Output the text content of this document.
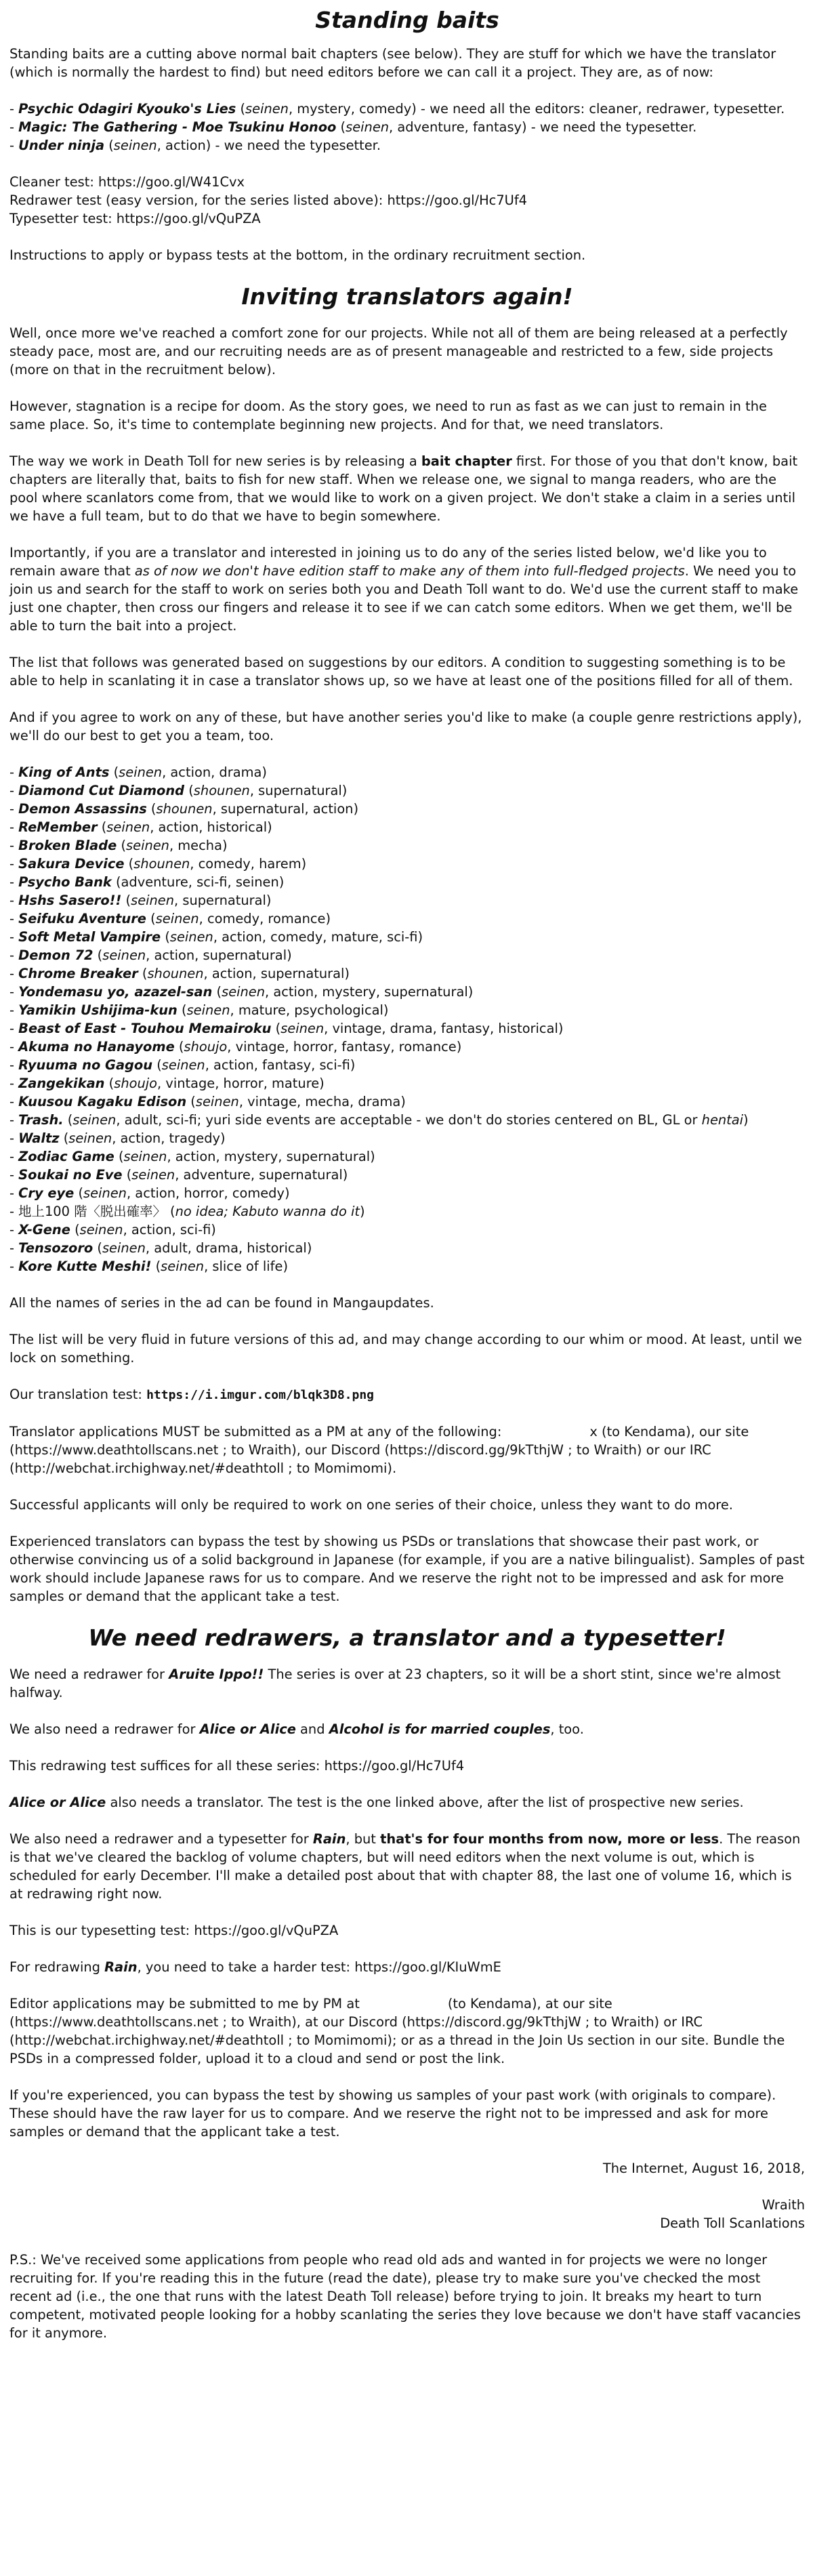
Standing baits

Standing baits are a cutting above normal bait chapters (see below). They are stuff for which we have the translator (which is normally the hardest to find) but need editors before we can call it a project. They are, as of now:

- Psychic Odagiri Kyouko's Lies (seinen, mystery, comedy) - we need all the editors: cleaner, redrawer, typesetter.
- Magic: The Gathering - Moe Tsukinu Honoo (seinen, adventure, fantasy) - we need the typesetter.
- Under ninja (seinen, action) - we need the typesetter.
Cleaner test: https://goo.gl/W41Cvx
Redrawer test (easy version, for the series listed above): https://goo.gl/Hc7Uf4
Typesetter test: https://goo.gl/vQuPZA

Instructions to apply or bypass tests at the bottom, in the ordinary recruitment section.

Inviting translators again!

Well, once more we've reached a comfort zone for our projects. While not all of them are being released at a perfectly steady pace, most are, and our recruiting needs are as of present manageable and restricted to a few, side projects (more on that in the recruitment below).

However, stagnation is a recipe for doom. As the story goes, we need to run as fast as we can just to remain in the same place. So, it's time to contemplate beginning new projects. And for that, we need translators.

The way we work in Death Toll for new series is by releasing a bait chapter first. For those of you that don't know, bait chapters are literally that, baits to fish for new staff. When we release one, we signal to manga readers, who are the pool where scanlators come from, that we would like to work on a given project. We don't stake a claim in a series until we have a full team, but to do that we have to begin somewhere.

Importantly, if you are a translator and interested in joining us to do any of the series listed below, we'd like you to remain aware that as of now we don't have edition staff to make any of them into full-fledged projects. We need you to join us and search for the staff to work on series both you and Death Toll want to do. We'd use the current staff to make just one chapter, then cross our fingers and release it to see if we can catch some editors. When we get them, we'll be able to turn the bait into a project.

The list that follows was generated based on suggestions by our editors. A condition to suggesting something is to be able to help in scanlating it in case a translator shows up, so we have at least one of the positions filled for all of them.

And if you agree to work on any of these, but have another series you'd like to make (a couple genre restrictions apply), we'll do our best to get you a team, too.

- King of Ants (seinen, action, drama)
- Diamond Cut Diamond (shounen, supernatural)
- Demon Assassins (shounen, supernatural, action)
- ReMember (seinen, action, historical)
- Broken Blade (seinen, mecha)
- Sakura Device (shounen, comedy, harem)
- Psycho Bank (adventure, sci-fi, seinen)
- Hshs Sasero!! (seinen, supernatural)
- Seifuku Aventure (seinen, comedy, romance)
- Soft Metal Vampire (seinen, action, comedy, mature, sci-fi)
- Demon 72 (seinen, action, supernatural)
- Chrome Breaker (shounen, action, supernatural)
- Yondemasu yo, azazel-san (seinen, action, mystery, supernatural)
- Yamikin Ushijima-kun (seinen, mature, psychological)
- Beast of East - Touhou Memairoku (seinen, vintage, drama, fantasy, historical)
- Akuma no Hanayome (shoujo, vintage, horror, fantasy, romance)
- Ryuuma no Gagou (seinen, action, fantasy, sci-fi)
- Zangekikan (shoujo, vintage, horror, mature)
- Kuusou Kagaku Edison (seinen, vintage, mecha, drama)
- Trash. (seinen, adult, sci-fi; yuri side events are acceptable - we don't do stories centered on BL, GL or hentai)
- Waltz (seinen, action, tragedy)
- Zodiac Game (seinen, action, mystery, supernatural)
- Soukai no Eve (seinen, adventure, supernatural)
- Cry eye (seinen, action, horror, comedy)
- 地上100 階〈脱出確率〉 (no idea; Kabuto wanna do it)
- X-Gene (seinen, action, sci-fi)
- Tensozoro (seinen, adult, drama, historical)
- Kore Kutte Meshi! (seinen, slice of life)

All the names of series in the ad can be found in Mangaupdates.

The list will be very fluid in future versions of this ad, and may change according to our whim or mood. At least, until we lock on something.

Our translation test: https://i.imgur.com/blqk3D8.png

Translator applications MUST be submitted as a PM at any of the following:	x (to Kendama), our site (https://www.deathtollscans.net ; to Wraith), our Discord (https://discord.gg/9kTthjW ; to Wraith) or our IRC (http://webchat.irchighway.net/#deathtoll ; to Momimomi).

Successful applicants will only be required to work on one series of their choice, unless they want to do more.

Experienced translators can bypass the test by showing us PSDs or translations that showcase their past work, or otherwise convincing us of a solid background in Japanese (for example, if you are a native bilingualist). Samples of past work should include Japanese raws for us to compare. And we reserve the right not to be impressed and ask for more samples or demand that the applicant take a test.

We need redrawers, a translator and a typesetter!

We need a redrawer for Aruite Ippo!! The series is over at 23 chapters, so it will be a short stint, since we're almost halfway.

We also need a redrawer for Alice or Alice and Alcohol is for married couples, too.

This redrawing test suffices for all these series: https://goo.gl/Hc7Uf4

Alice or Alice also needs a translator. The test is the one linked above, after the list of prospective new series.

We also need a redrawer and a typesetter for Rain, but that's for four months from now, more or less. The reason is that we've cleared the backlog of volume chapters, but will need editors when the next volume is out, which is scheduled for early December. I'll make a detailed post about that with chapter 88, the last one of volume 16, which is at redrawing right now.

This is our typesetting test: https://goo.gl/vQuPZA

For redrawing Rain, you need to take a harder test: https://goo.gl/KIuWmE

Editor applications may be submitted to me by PM at	(to Kendama), at our site (https://www.deathtollscans.net ; to Wraith), at our Discord (https://discord.gg/9kTthjW ; to Wraith) or IRC (http://webchat.irchighway.net/#deathtoll ; to Momimomi); or as a thread in the Join Us section in our site. Bundle the PSDs in a compressed folder, upload it to a cloud and send or post the link.

If you're experienced, you can bypass the test by showing us samples of your past work (with originals to compare). These should have the raw layer for us to compare. And we reserve the right not to be impressed and ask for more samples or demand that the applicant take a test.

The Internet, August 16, 2018,

Wraith

Death Toll Scanlations

P.S.: We've received some applications from people who read old ads and wanted in for projects we were no longer recruiting for. If you're reading this in the future (read the date), please try to make sure you've checked the most recent ad (i.e., the one that runs with the latest Death Toll release) before trying to join. It breaks my heart to turn competent, motivated people looking for a hobby scanlating the series they love because we don't have staff vacancies for it anymore.
